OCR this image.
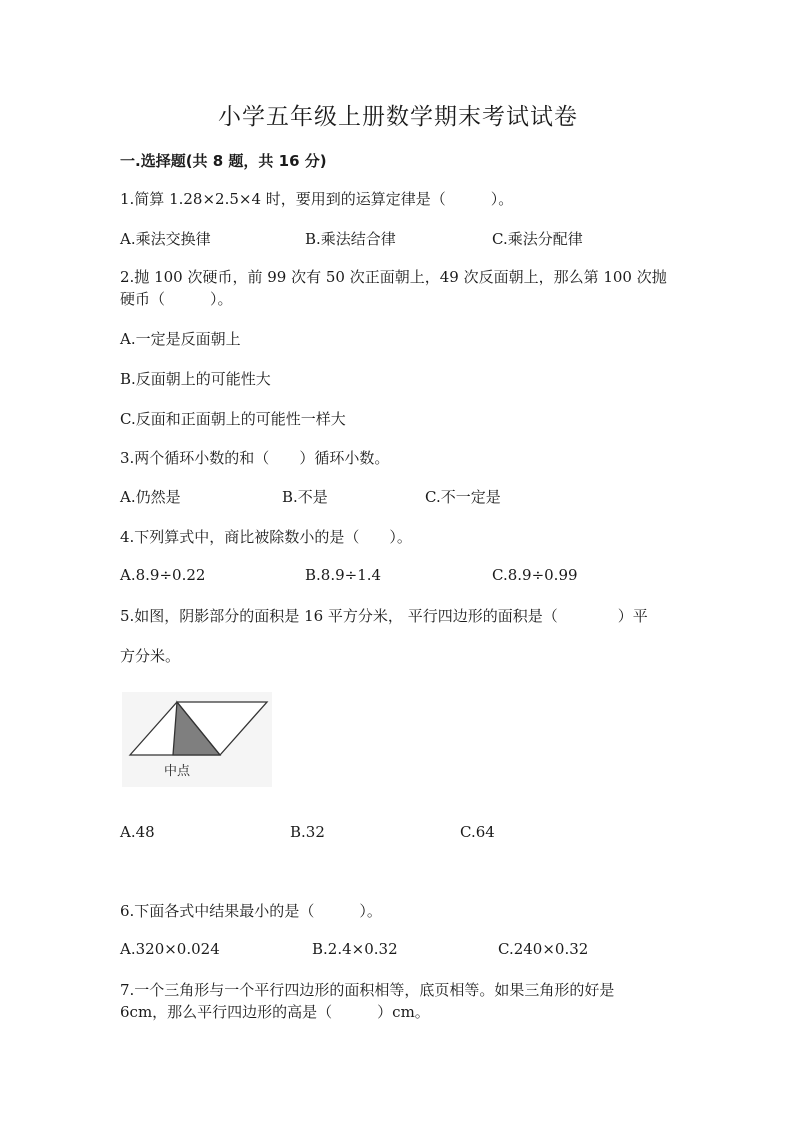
小学五年级上册数学期末考试试卷
一.选择题(共 8 题，共 16 分)
1.简算 1.28×2.5×4 时，要用到的运算定律是（　　　）。
A.乘法交换律	B.乘法结合律	C.乘法分配律
2.抛 100 次硬币，前 99 次有 50 次正面朝上，49 次反面朝上，那么第 100 次抛
硬币（　　　）。
A.一定是反面朝上
B.反面朝上的可能性大
C.反面和正面朝上的可能性一样大
3.两个循环小数的和（　　）循环小数。
A.仍然是	B.不是	C.不一定是
4.下列算式中，商比被除数小的是（　　）。
A.8.9÷0.22	B.8.9÷1.4	C.8.9÷0.99
5.如图，阴影部分的面积是 16 平方分米， 平行四边形的面积是（　　　　）平
方分米。
中点
A.48	B.32	C.64
6.下面各式中结果最小的是（　　　）。
A.320×0.024	B.2.4×0.32	C.240×0.32
7.一个三角形与一个平行四边形的面积相等，底页相等。如果三角形的好是
6cm，那么平行四边形的高是（　　　）cm。
